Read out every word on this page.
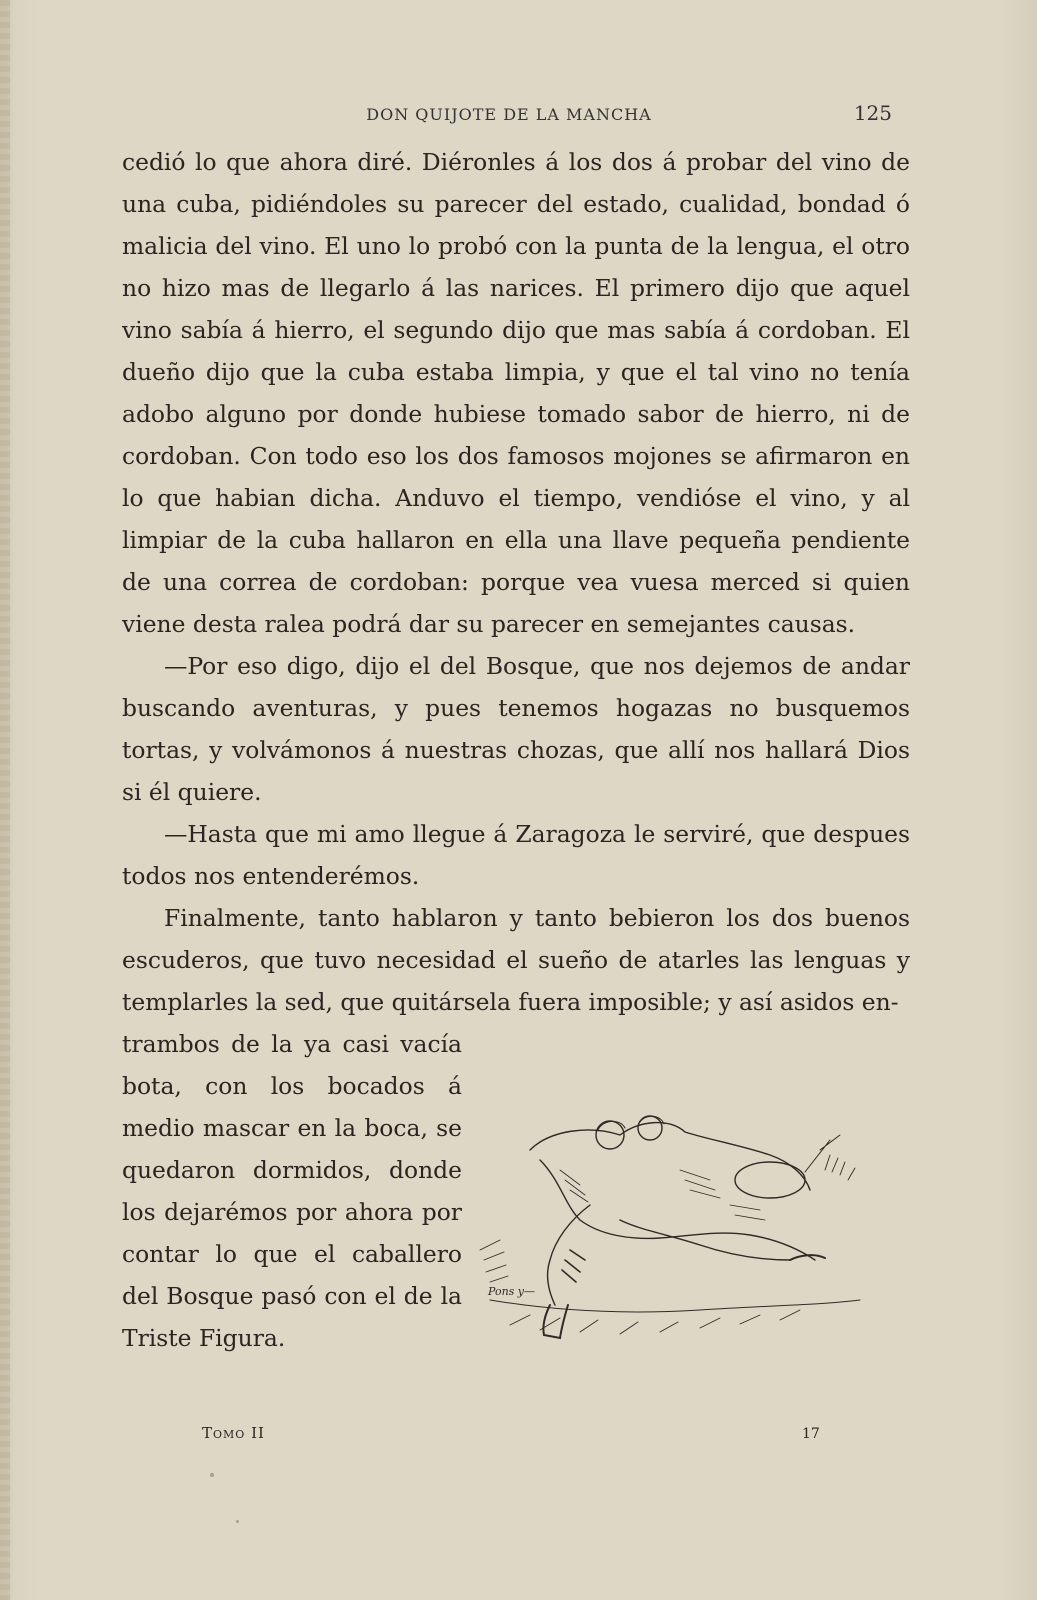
DON QUIJOTE DE LA MANCHA	125

cedió lo que ahora diré. Diéronles á los dos á probar del vino de una cuba, pidiéndoles su parecer del estado, cualidad, bondad ó malicia del vino. El uno lo probó con la punta de la lengua, el otro no hizo mas de llegarlo á las narices. El primero dijo que aquel vino sabía á hierro, el segundo dijo que mas sabía á cordoban. El dueño dijo que la cuba estaba limpia, y que el tal vino no tenía adobo alguno por donde hubiese tomado sabor de hierro, ni de cordoban. Con todo eso los dos famosos mojones se afirmaron en lo que habian dicha. Anduvo el tiempo, vendióse el vino, y al limpiar de la cuba hallaron en ella una llave pequeña pendiente de una correa de cordoban: porque vea vuesa merced si quien viene desta ralea podrá dar su parecer en semejantes causas.

—Por eso digo, dijo el del Bosque, que nos dejemos de andar buscando aventuras, y pues tenemos hogazas no busquemos tortas, y volvámonos á nuestras chozas, que allí nos hallará Dios si él quiere.

—Hasta que mi amo llegue á Zaragoza le serviré, que despues todos nos entenderémos.

Finalmente, tanto hablaron y tanto bebieron los dos buenos escuderos, que tuvo necesidad el sueño de atarles las lenguas y templarles la sed, que quitársela fuera imposible; y así asidos en-

trambos de la ya casi vacía bota, con los bocados á medio mascar en la boca, se quedaron dormidos, donde los dejarémos por ahora por contar lo que el caballero del Bosque pasó con el de la Triste Figura.

Pons y—
Tomo II	17
